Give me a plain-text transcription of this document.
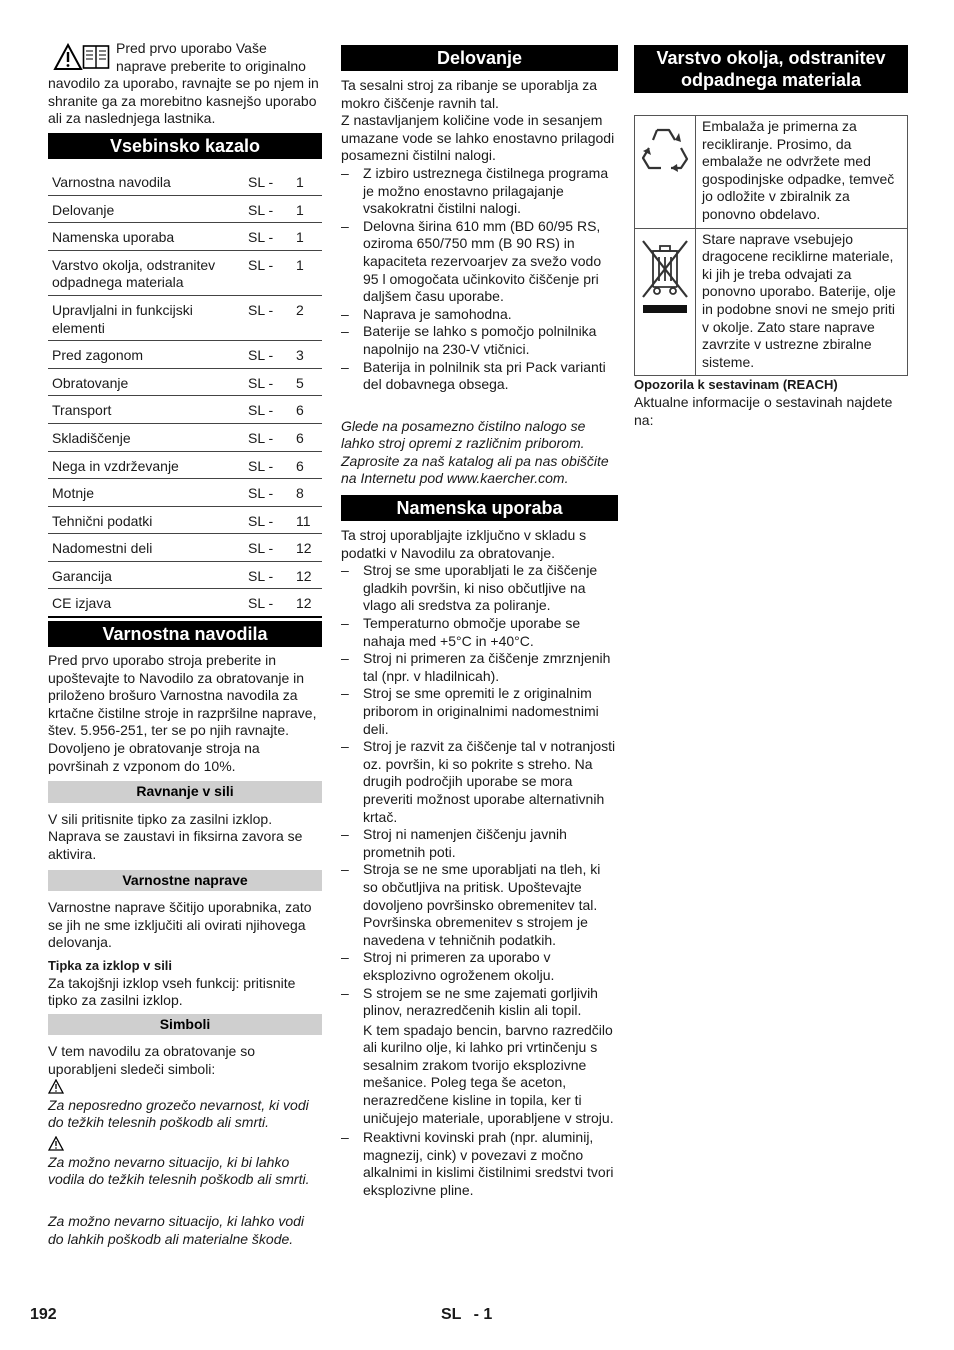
Pred prvo uporabo Vaše

naprave preberite to originalno

navodilo za uporabo, ravnajte se po njem in shranite ga za morebitno kasnejšo uporabo ali za naslednjega lastnika.

Vsebinsko kazalo
Varnostna navodila	SL -	1
Delovanje	SL -	1
Namenska uporaba	SL -	1
Varstvo okolja, odstranitev odpadnega materiala	SL -	1
Upravljalni in funkcijski elementi	SL -	2
Pred zagonom	SL -	3
Obratovanje	SL -	5
Transport	SL -	6
Skladiščenje	SL -	6
Nega in vzdrževanje	SL -	6
Motnje	SL -	8
Tehnični podatki	SL -	11
Nadomestni deli	SL -	12
Garancija	SL -	12
CE izjava	SL -	12
Varnostna navodila

Pred prvo uporabo stroja preberite in upoštevajte to Navodilo za obratovanje in priloženo brošuro Varnostna navodila za krtačne čistilne stroje in razpršilne naprave, štev. 5.956-251, ter se po njih ravnajte. Dovoljeno je obratovanje stroja na površinah z vzponom do 10%.

Ravnanje v sili

V sili pritisnite tipko za zasilni izklop. Naprava se zaustavi in fiksirna zavora se aktivira.

Varnostne naprave

Varnostne naprave ščitijo uporabnika, zato se jih ne sme izključiti ali ovirati njihovega delovanja.

Tipka za izklop v sili

Za takojšnji izklop vseh funkcij: pritisnite tipko za zasilni izklop.

Simboli

V tem navodilu za obratovanje so uporabljeni sledeči simboli:

Za neposredno grozečo nevarnost, ki vodi do težkih telesnih poškodb ali smrti.

Za možno nevarno situacijo, ki bi lahko vodila do težkih telesnih poškodb ali smrti.

Za možno nevarno situacijo, ki lahko vodi do lahkih poškodb ali materialne škode.

Delovanje

Ta sesalni stroj za ribanje se uporablja za mokro čiščenje ravnih tal.

Z nastavljanjem količine vode in sesanjem umazane vode se lahko enostavno prilagodi posamezni čistilni nalogi.

– Z izbiro ustreznega čistilnega programa je možno enostavno prilagajanje vsakokratni čistilni nalogi.
– Delovna širina 610 mm (BD 60/95 RS, oziroma 650/750 mm (B 90 RS) in kapaciteta rezervoarjev za svežo vodo 95 l omogočata učinkovito čiščenje pri daljšem času uporabe.
– Naprava je samohodna.
– Baterije se lahko s pomočjo polnilnika napolnijo na 230-V vtičnici.
– Baterija in polnilnik sta pri Pack varianti del dobavnega obsega.

Glede na posamezno čistilno nalogo se lahko stroj opremi z različnim priborom. Zaprosite za naš katalog ali pa nas obiščite na Internetu pod www.kaercher.com.

Namenska uporaba

Ta stroj uporabljajte izključno v skladu s podatki v Navodilu za obratovanje.

– Stroj se sme uporabljati le za čiščenje gladkih površin, ki niso občutljive na vlago ali sredstva za poliranje.
– Temperaturno območje uporabe se nahaja med +5°C in +40°C.
– Stroj ni primeren za čiščenje zmrznjenih tal (npr. v hladilnicah).
– Stroj se sme opremiti le z originalnim priborom in originalnimi nadomestnimi deli.
– Stroj je razvit za čiščenje tal v notranjosti oz. površin, ki so pokrite s streho. Na drugih področjih uporabe se mora preveriti možnost uporabe alternativnih krtač.
– Stroj ni namenjen čiščenju javnih prometnih poti.
– Stroja se ne sme uporabljati na tleh, ki so občutljiva na pritisk. Upoštevajte dovoljeno površinsko obremenitev tal. Površinska obremenitev s strojem je navedena v tehničnih podatkih.
– Stroj ni primeren za uporabo v eksplozivno ogroženem okolju.
– S strojem se ne sme zajemati gorljivih plinov, nerazredčenih kislin ali topil.

K tem spadajo bencin, barvno razredčilo ali kurilno olje, ki lahko pri vrtinčenju s sesalnim zrakom tvorijo eksplozivne mešanice. Poleg tega še aceton, nerazredčene kisline in topila, ker ti uničujejo materiale, uporabljene v stroju.

– Reaktivni kovinski prah (npr. aluminij, magnezij, cink) v povezavi z močno alkalnimi in kislimi čistilnimi sredstvi tvori eksplozivne pline.
Varstvo okolja, odstranitev odpadnega materiala
	Embalaža je primerna za recikliranje. Prosimo, da embalaže ne odvržete med gospodinjske odpadke, temveč jo odložite v zbiralnik za ponovno obdelavo.
	Stare naprave vsebujejo dragocene reciklirne materiale, ki jih je treba odvajati za ponovno uporabo. Baterije, olje in podobne snovi ne smejo priti v okolje. Zato stare naprave zavrzite v ustrezne zbiralne sisteme.

Opozorila k sestavinam (REACH)

Aktualne informacije o sestavinah najdete na:

192	SL - 1
